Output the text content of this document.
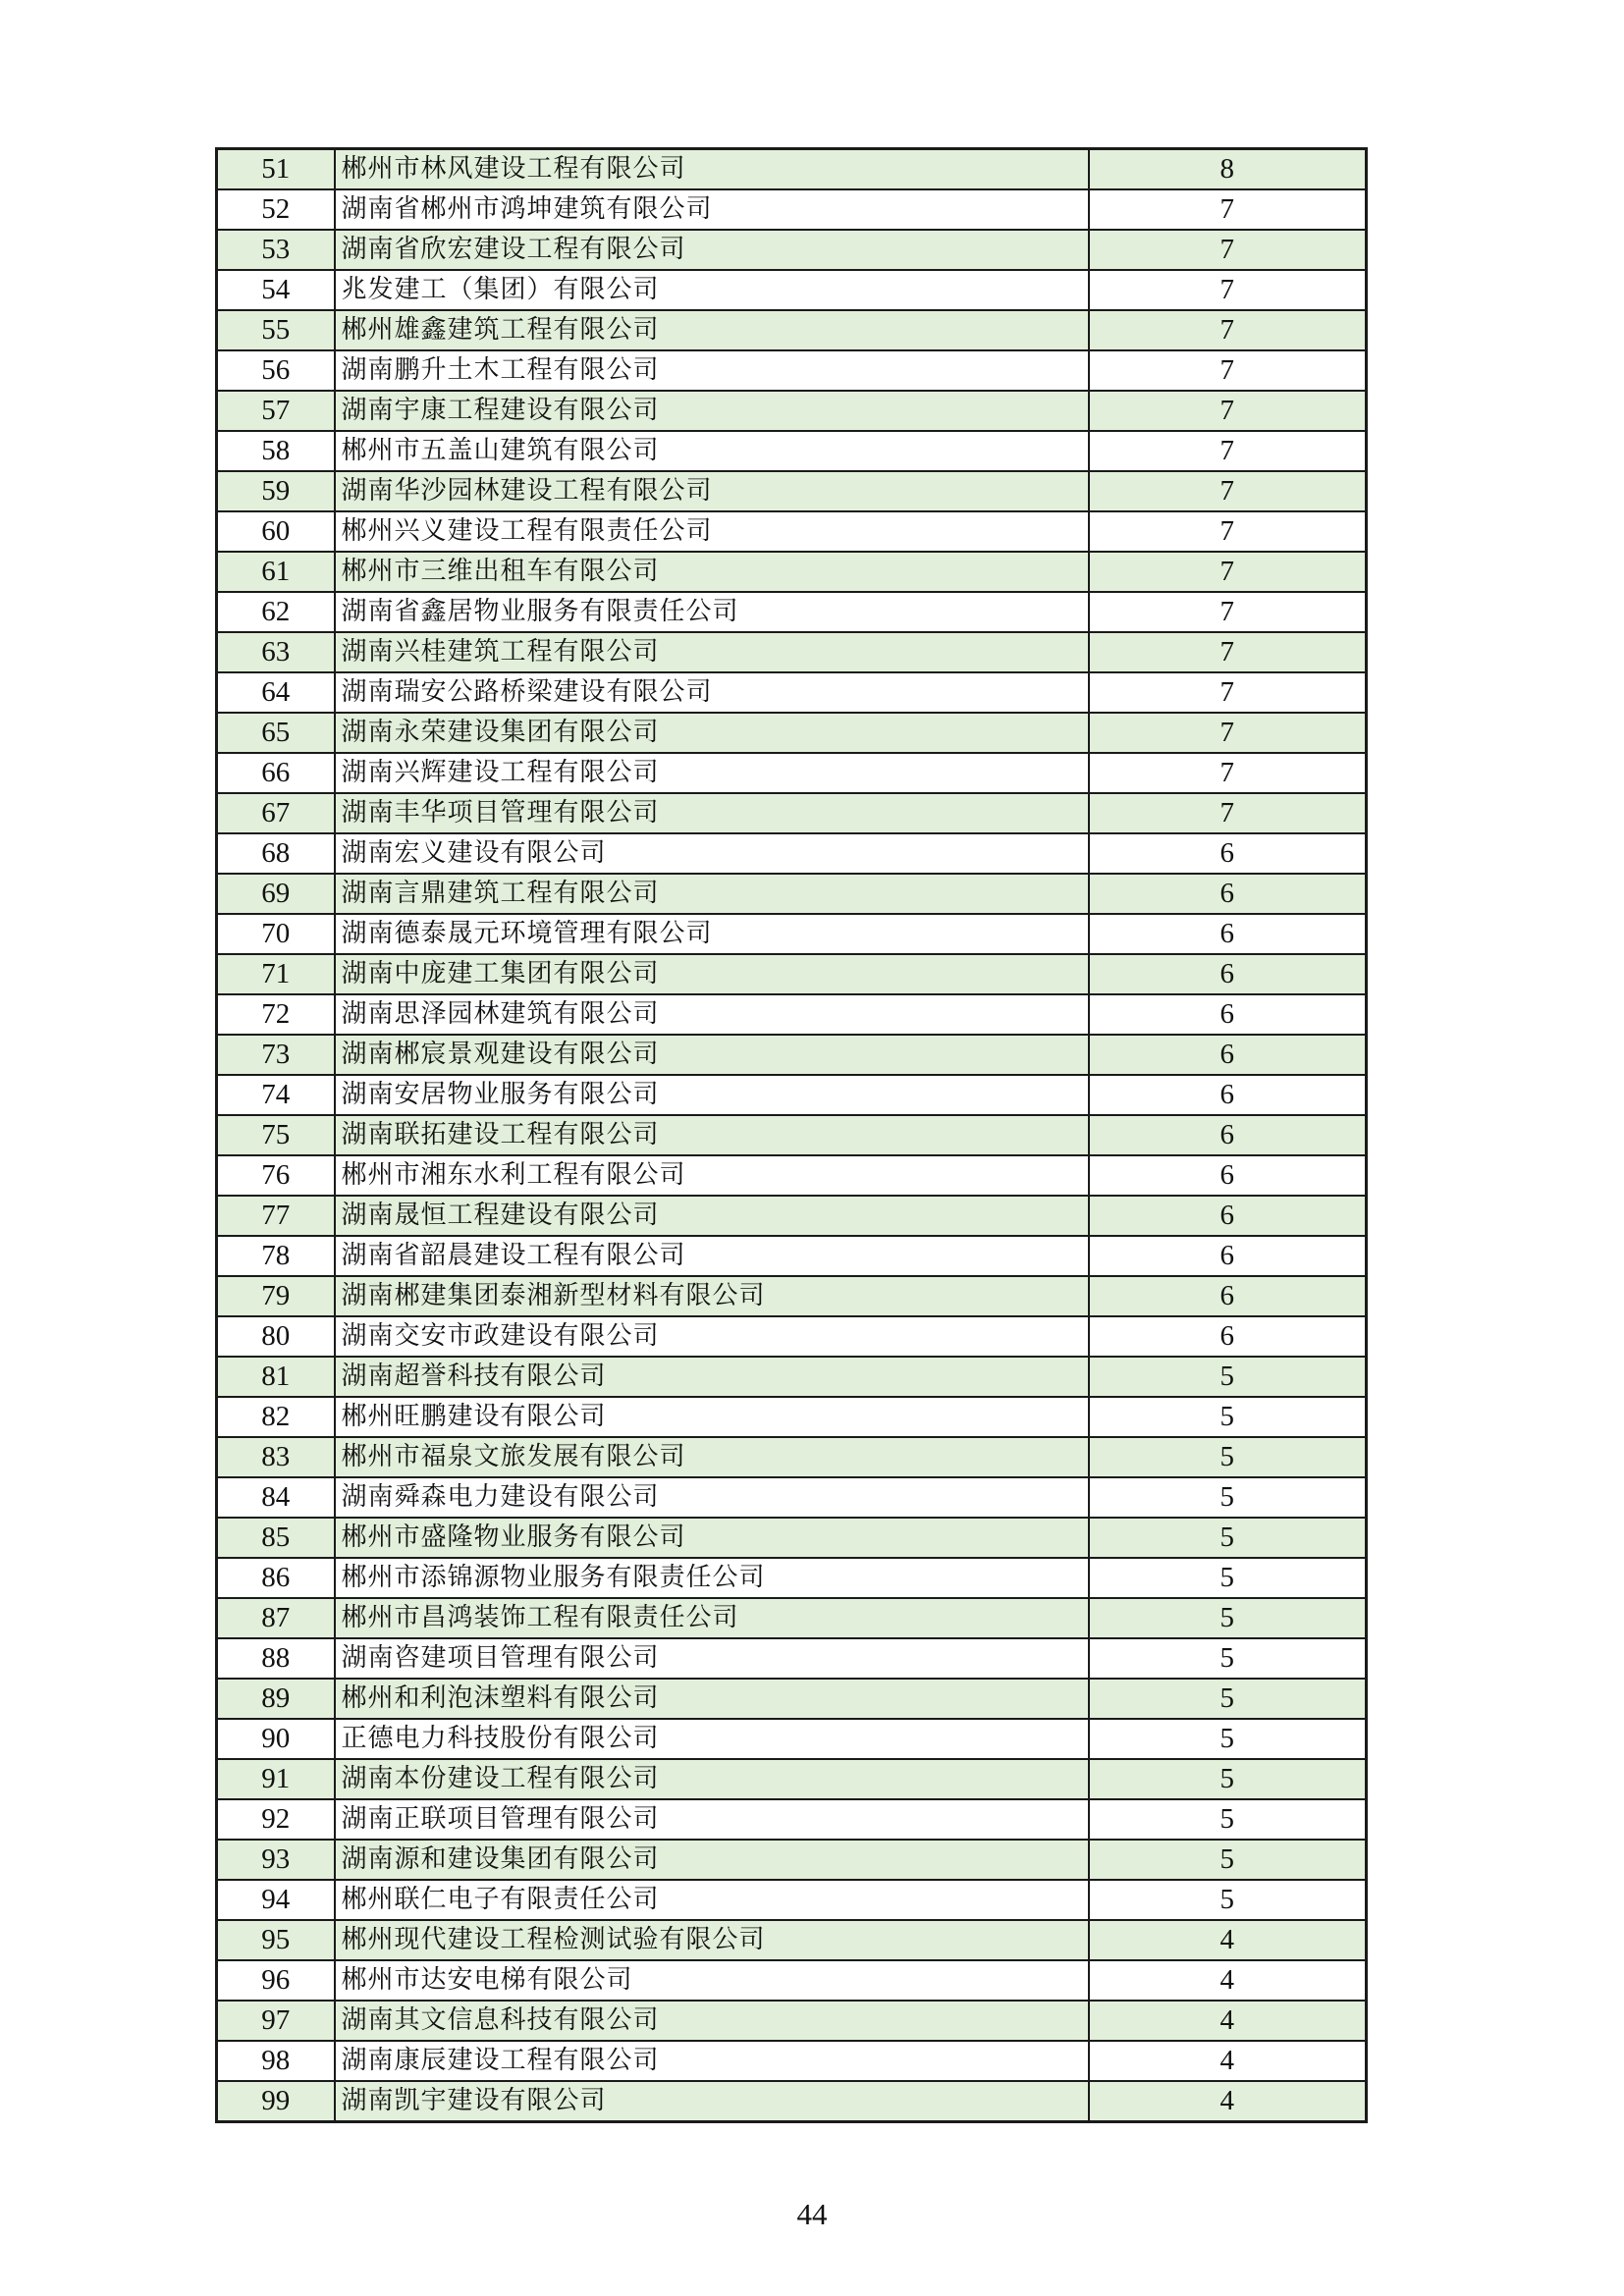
51	郴州市林风建设工程有限公司	8
52	湖南省郴州市鸿坤建筑有限公司	7
53	湖南省欣宏建设工程有限公司	7
54	兆发建工（集团）有限公司	7
55	郴州雄鑫建筑工程有限公司	7
56	湖南鹏升土木工程有限公司	7
57	湖南宇康工程建设有限公司	7
58	郴州市五盖山建筑有限公司	7
59	湖南华沙园林建设工程有限公司	7
60	郴州兴义建设工程有限责任公司	7
61	郴州市三维出租车有限公司	7
62	湖南省鑫居物业服务有限责任公司	7
63	湖南兴桂建筑工程有限公司	7
64	湖南瑞安公路桥梁建设有限公司	7
65	湖南永荣建设集团有限公司	7
66	湖南兴辉建设工程有限公司	7
67	湖南丰华项目管理有限公司	7
68	湖南宏义建设有限公司	6
69	湖南言鼎建筑工程有限公司	6
70	湖南德泰晟元环境管理有限公司	6
71	湖南中庞建工集团有限公司	6
72	湖南思泽园林建筑有限公司	6
73	湖南郴宸景观建设有限公司	6
74	湖南安居物业服务有限公司	6
75	湖南联拓建设工程有限公司	6
76	郴州市湘东水利工程有限公司	6
77	湖南晟恒工程建设有限公司	6
78	湖南省韶晨建设工程有限公司	6
79	湖南郴建集团泰湘新型材料有限公司	6
80	湖南交安市政建设有限公司	6
81	湖南超誉科技有限公司	5
82	郴州旺鹏建设有限公司	5
83	郴州市福泉文旅发展有限公司	5
84	湖南舜森电力建设有限公司	5
85	郴州市盛隆物业服务有限公司	5
86	郴州市添锦源物业服务有限责任公司	5
87	郴州市昌鸿装饰工程有限责任公司	5
88	湖南咨建项目管理有限公司	5
89	郴州和利泡沫塑料有限公司	5
90	正德电力科技股份有限公司	5
91	湖南本份建设工程有限公司	5
92	湖南正联项目管理有限公司	5
93	湖南源和建设集团有限公司	5
94	郴州联仁电子有限责任公司	5
95	郴州现代建设工程检测试验有限公司	4
96	郴州市达安电梯有限公司	4
97	湖南其文信息科技有限公司	4
98	湖南康辰建设工程有限公司	4
99	湖南凯宇建设有限公司	4
44
